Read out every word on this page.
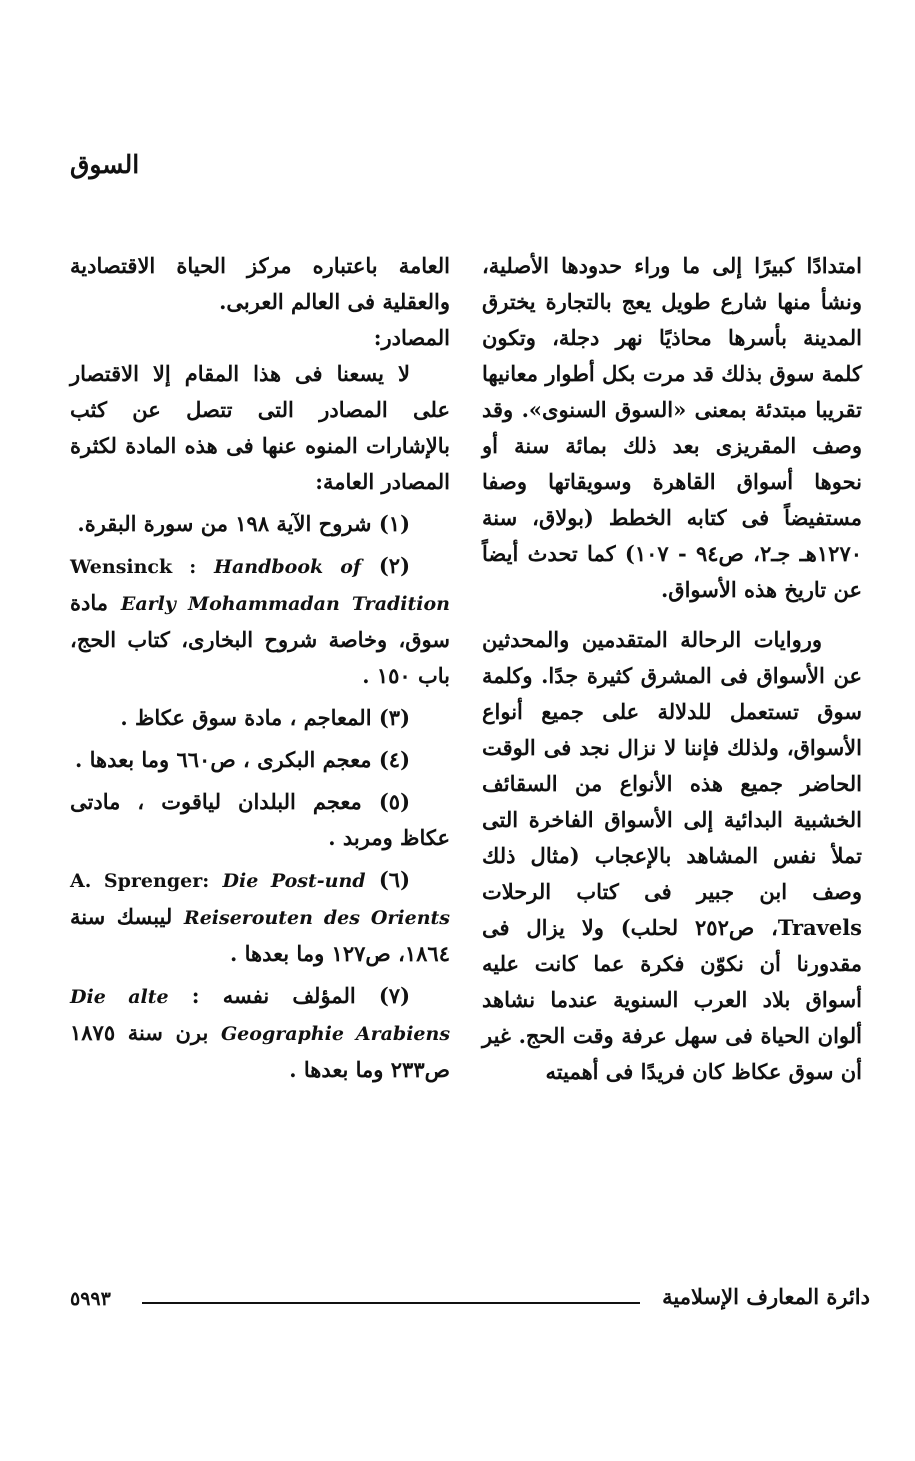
السوق

امتدادًا كبيرًا إلى ما وراء حدودها الأصلية، ونشأ منها شارع طويل يعج بالتجارة يخترق المدينة بأسرها محاذيًا نهر دجلة، وتكون كلمة سوق بذلك قد مرت بكل أطوار معانيها تقريبا مبتدئة بمعنى «السوق السنوى». وقد وصف المقريزى بعد ذلك بمائة سنة أو نحوها أسواق القاهرة وسويقاتها وصفا مستفيضاً فى كتابه الخطط (بولاق، سنة ١٢٧٠هـ جـ٢، ص٩٤ - ١٠٧) كما تحدث أيضاً عن تاريخ هذه الأسواق.

وروايات الرحالة المتقدمين والمحدثين عن الأسواق فى المشرق كثيرة جدًا. وكلمة سوق تستعمل للدلالة على جميع أنواع الأسواق، ولذلك فإننا لا نزال نجد فى الوقت الحاضر جميع هذه الأنواع من السقائف الخشبية البدائية إلى الأسواق الفاخرة التى تملأ نفس المشاهد بالإعجاب (مثال ذلك وصف ابن جبير فى كتاب الرحلات Travels، ص٢٥٢ لحلب) ولا يزال فى مقدورنا أن نكوّن فكرة عما كانت عليه أسواق بلاد العرب السنوية عندما نشاهد ألوان الحياة فى سهل عرفة وقت الحج. غير أن سوق عكاظ كان فريدًا فى أهميته

العامة باعتباره مركز الحياة الاقتصادية والعقلية فى العالم العربى.

المصادر:

لا يسعنا فى هذا المقام إلا الاقتصار على المصادر التى تتصل عن كثب بالإشارات المنوه عنها فى هذه المادة لكثرة المصادر العامة:

(١) شروح الآية ١٩٨ من سورة البقرة.

(٢) Wensinck : Handbook of Early Mohammadan Tradition مادة سوق، وخاصة شروح البخارى، كتاب الحج، باب ١٥٠ .

(٣) المعاجم ، مادة سوق عكاظ .

(٤) معجم البكرى ، ص٦٦٠ وما بعدها .

(٥) معجم البلدان لياقوت ، مادتى عكاظ ومربد .

(٦) A. Sprenger: Die Post-und Reiserouten des Orients ليبسك سنة ١٨٦٤، ص١٢٧ وما بعدها .

(٧) المؤلف نفسه : Die alte Geographie Arabiens برن سنة ١٨٧٥ ص٢٣٣ وما بعدها .

دائرة المعارف الإسلامية
٥٩٩٣
